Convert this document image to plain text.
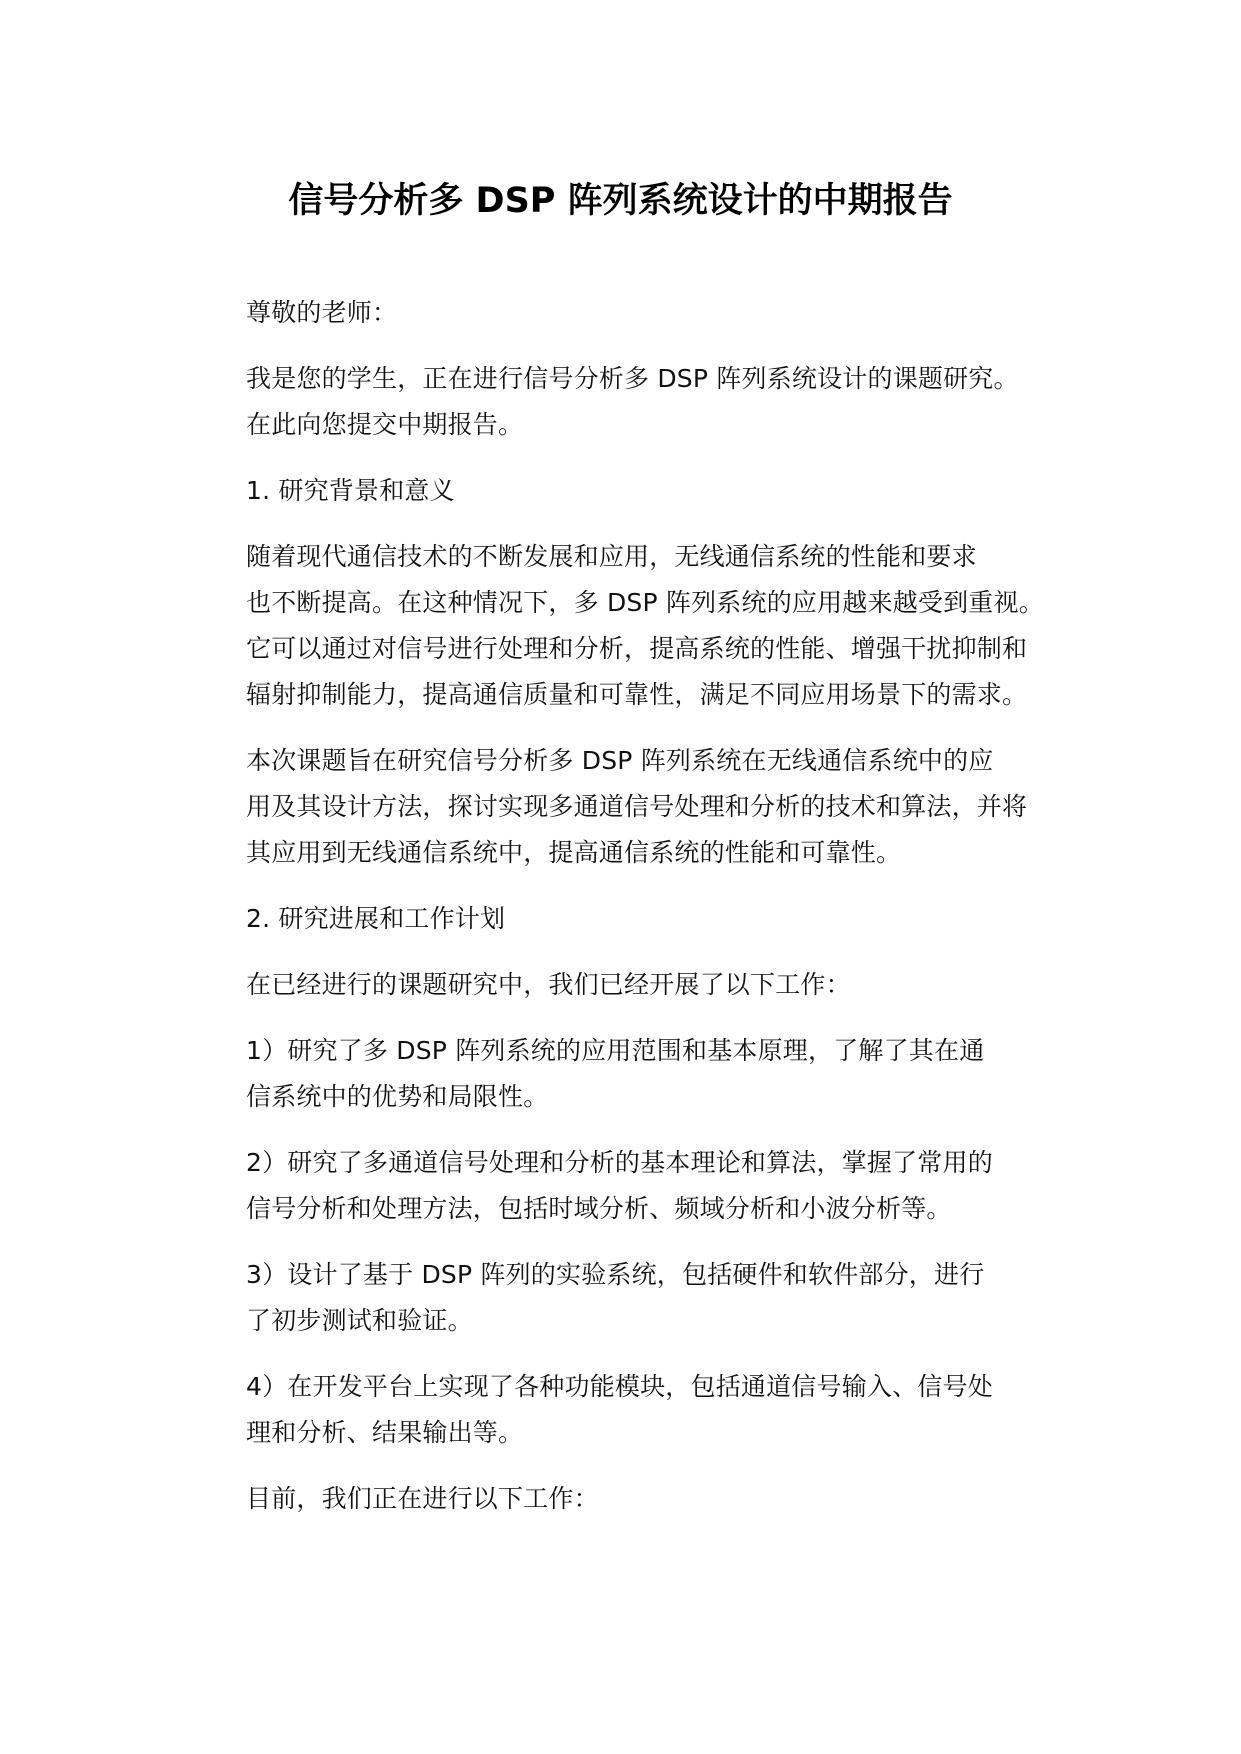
信号分析多 DSP 阵列系统设计的中期报告

尊敬的老师：

我是您的学生，正在进行信号分析多 DSP 阵列系统设计的课题研究。
在此向您提交中期报告。

1. 研究背景和意义

随着现代通信技术的不断发展和应用，无线通信系统的性能和要求
也不断提高。在这种情况下，多 DSP 阵列系统的应用越来越受到重视。
它可以通过对信号进行处理和分析，提高系统的性能、增强干扰抑制和
辐射抑制能力，提高通信质量和可靠性，满足不同应用场景下的需求。

本次课题旨在研究信号分析多 DSP 阵列系统在无线通信系统中的应
用及其设计方法，探讨实现多通道信号处理和分析的技术和算法，并将
其应用到无线通信系统中，提高通信系统的性能和可靠性。

2. 研究进展和工作计划

在已经进行的课题研究中，我们已经开展了以下工作：

1）研究了多 DSP 阵列系统的应用范围和基本原理，了解了其在通
信系统中的优势和局限性。

2）研究了多通道信号处理和分析的基本理论和算法，掌握了常用的
信号分析和处理方法，包括时域分析、频域分析和小波分析等。

3）设计了基于 DSP 阵列的实验系统，包括硬件和软件部分，进行
了初步测试和验证。

4）在开发平台上实现了各种功能模块，包括通道信号输入、信号处
理和分析、结果输出等。

目前，我们正在进行以下工作：
